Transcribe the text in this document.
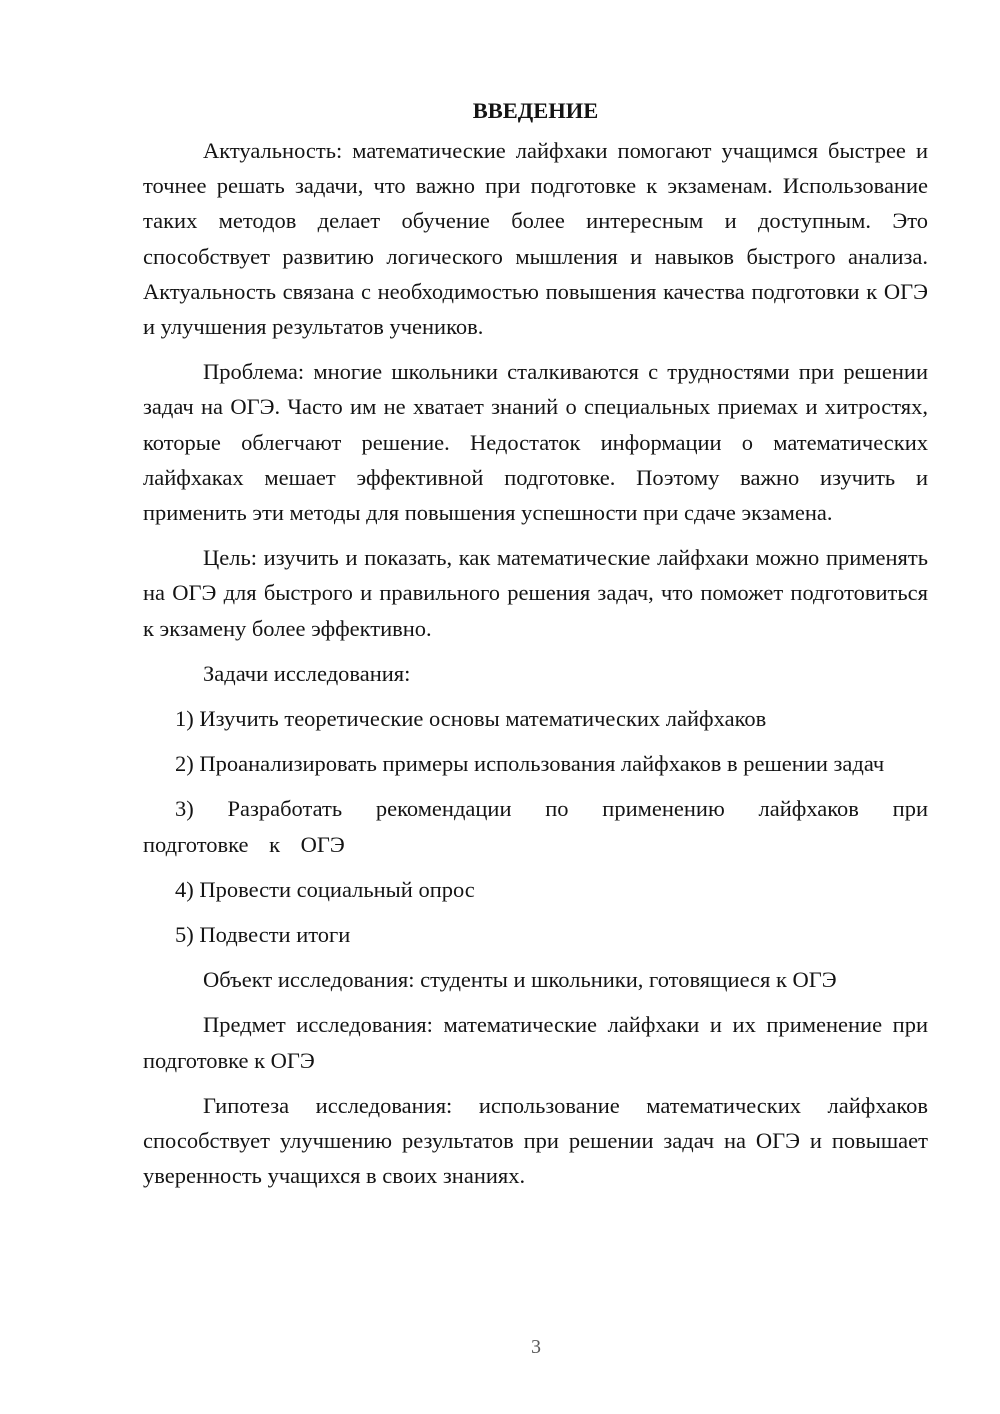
ВВЕДЕНИЕ

Актуальность: математические лайфхаки помогают учащимся быстрее и точнее решать задачи, что важно при подготовке к экзаменам. Использование таких методов делает обучение более интересным и доступным. Это способствует развитию логического мышления и навыков быстрого анализа. Актуальность связана с необходимостью повышения качества подготовки к ОГЭ и улучшения результатов учеников.

Проблема: многие школьники сталкиваются с трудностями при решении задач на ОГЭ. Часто им не хватает знаний о специальных приемах и хитростях, которые облегчают решение. Недостаток информации о математических лайфхаках мешает эффективной подготовке. Поэтому важно изучить и применить эти методы для повышения успешности при сдаче экзамена.

Цель: изучить и показать, как математические лайфхаки можно применять на ОГЭ для быстрого и правильного решения задач, что поможет подготовиться к экзамену более эффективно.

Задачи исследования:

1) Изучить теоретические основы математических лайфхаков

2) Проанализировать примеры использования лайфхаков в решении задач

3) Разработать рекомендации по применению лайфхаков при подготовке к ОГЭ

4) Провести социальный опрос

5) Подвести итоги

Объект исследования: студенты и школьники, готовящиеся к ОГЭ

Предмет исследования: математические лайфхаки и их применение при подготовке к ОГЭ

Гипотеза исследования: использование математических лайфхаков способствует улучшению результатов при решении задач на ОГЭ и повышает уверенность учащихся в своих знаниях.

3
